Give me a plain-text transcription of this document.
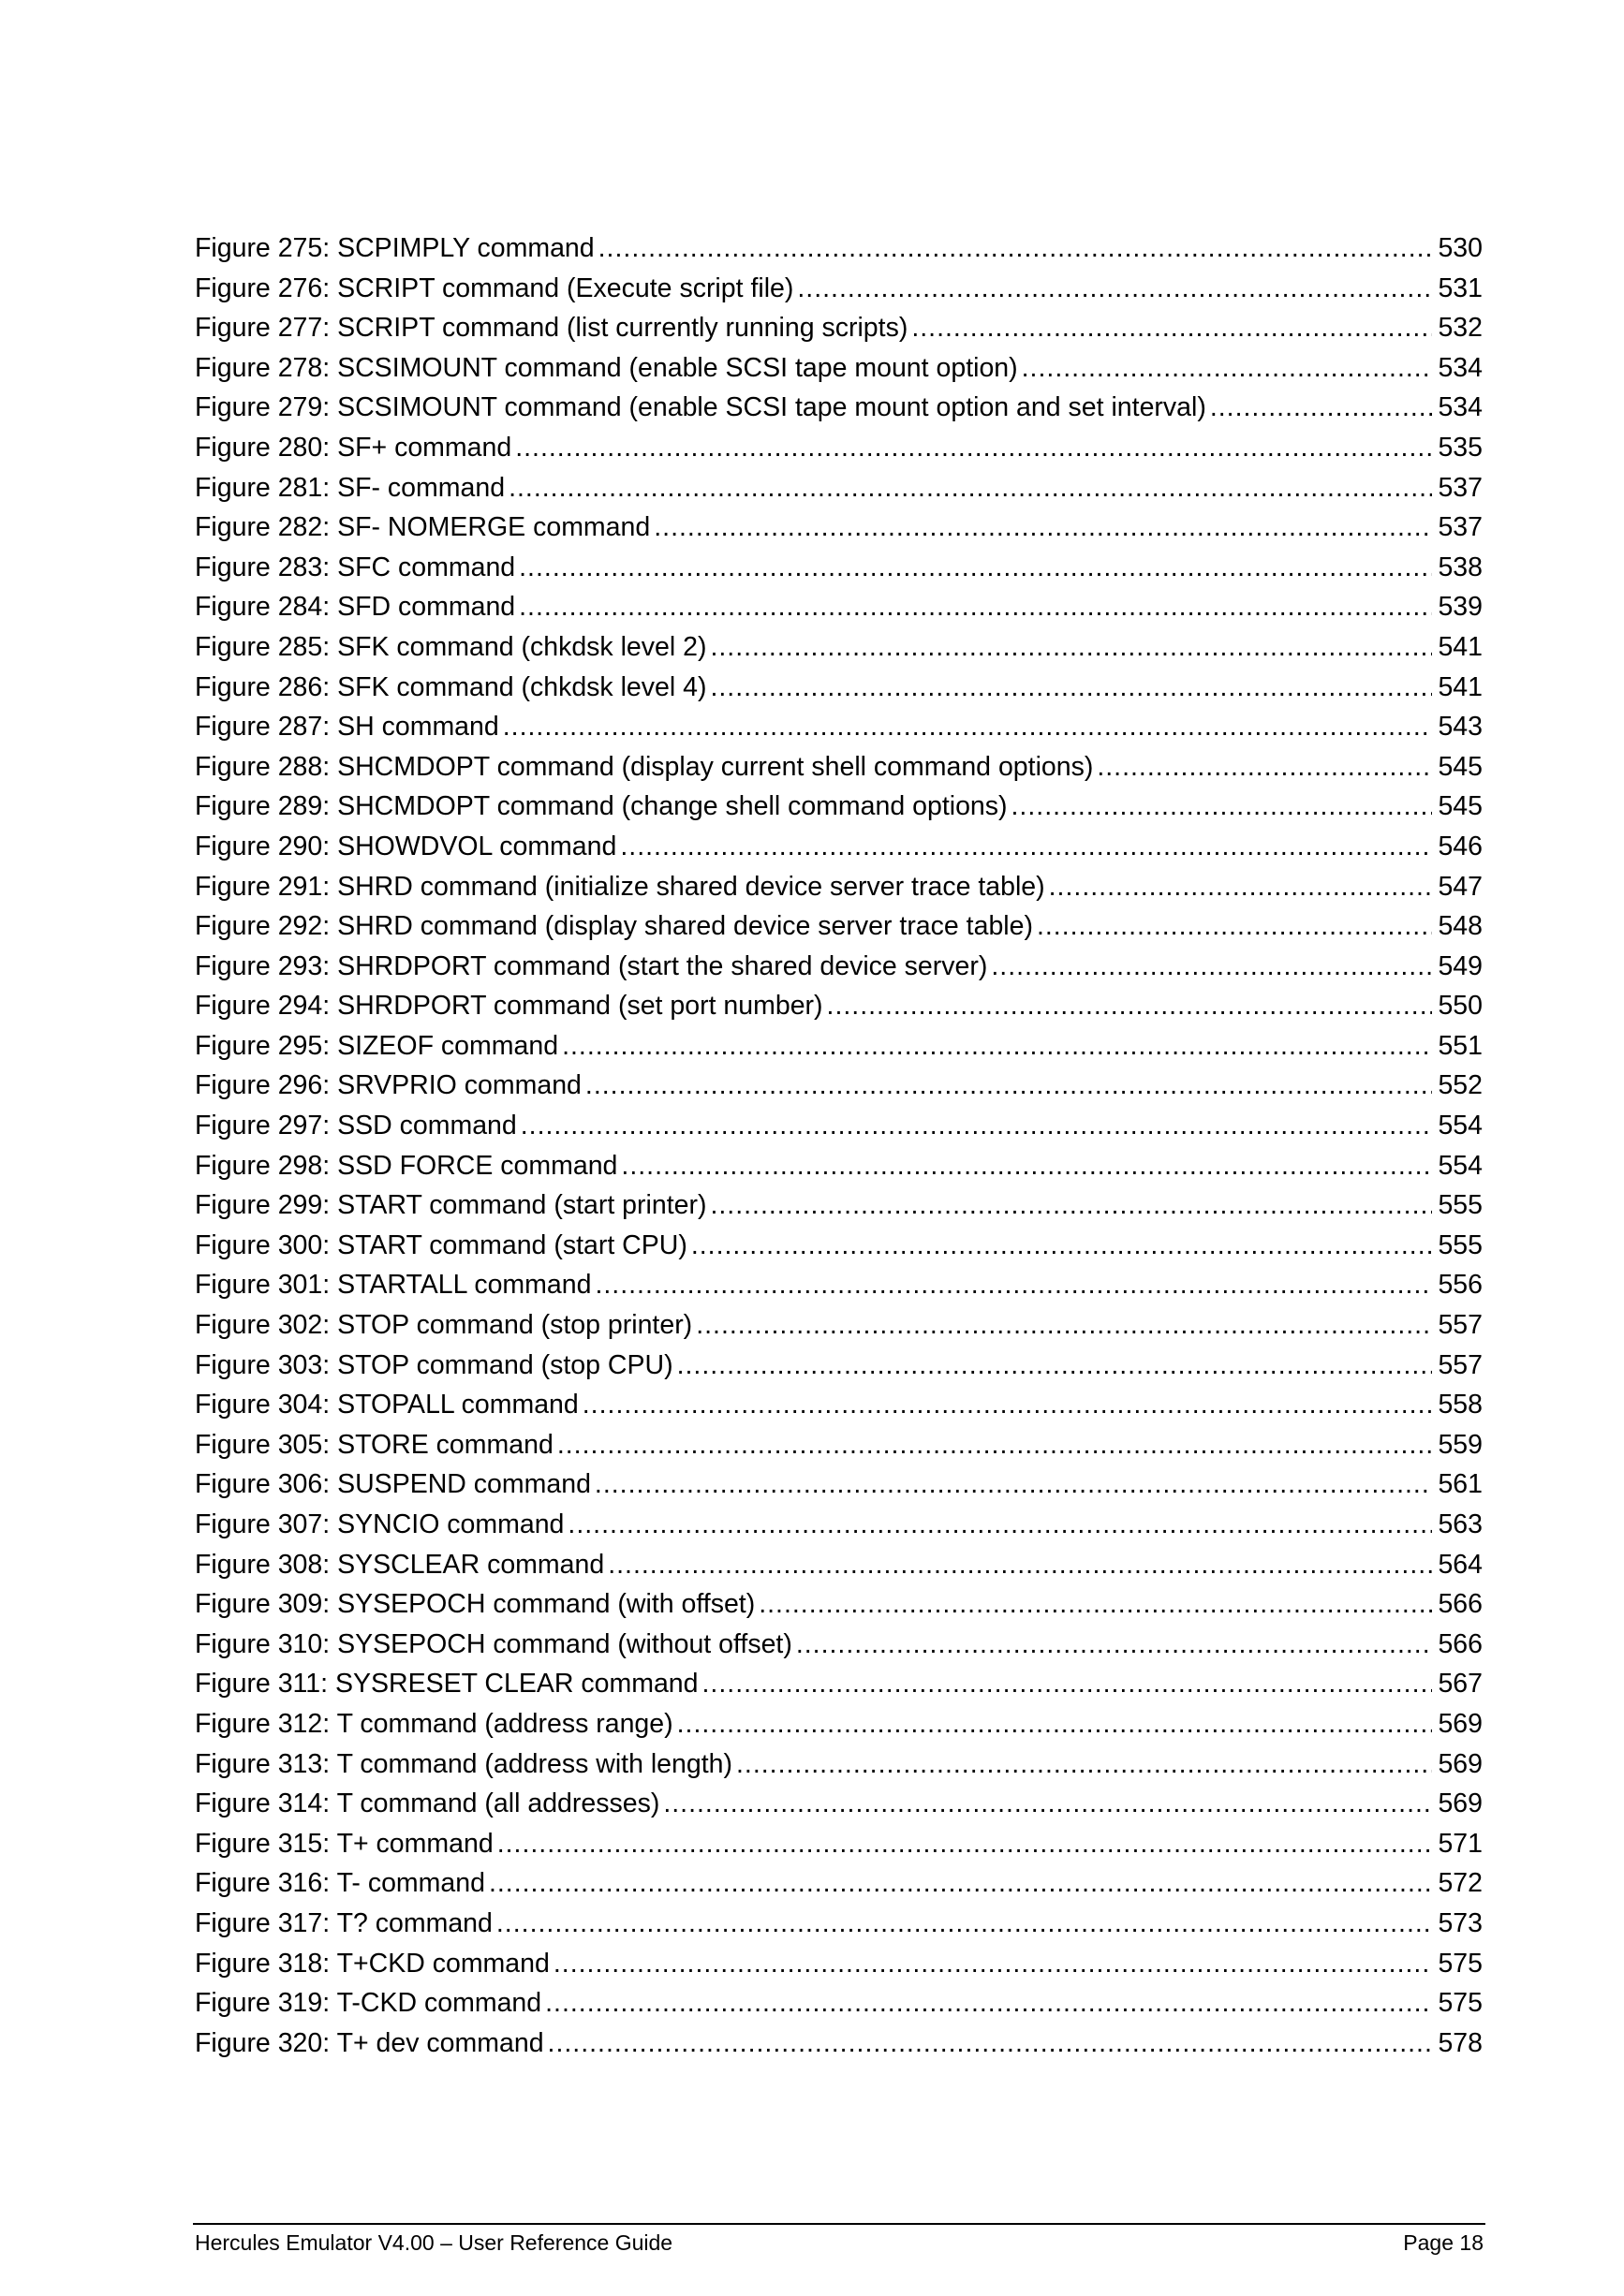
Figure 275: SCPIMPLY command .....	530
Figure 276: SCRIPT command (Execute script file) .....	531
Figure 277: SCRIPT command (list currently running scripts) .....	532
Figure 278: SCSIMOUNT command (enable SCSI tape mount option) .....	534
Figure 279: SCSIMOUNT command (enable SCSI tape mount option and set interval) .....	534
Figure 280: SF+ command .....	535
Figure 281: SF- command .....	537
Figure 282: SF- NOMERGE command .....	537
Figure 283: SFC command .....	538
Figure 284: SFD command .....	539
Figure 285: SFK command (chkdsk level 2) .....	541
Figure 286: SFK command (chkdsk level 4) .....	541
Figure 287: SH command .....	543
Figure 288: SHCMDOPT command (display current shell command options) .....	545
Figure 289: SHCMDOPT command (change shell command options) .....	545
Figure 290: SHOWDVOL command .....	546
Figure 291: SHRD command (initialize shared device server trace table) .....	547
Figure 292: SHRD command (display shared device server trace table) .....	548
Figure 293: SHRDPORT command (start the shared device server) .....	549
Figure 294: SHRDPORT command (set port number) .....	550
Figure 295: SIZEOF command .....	551
Figure 296: SRVPRIO command .....	552
Figure 297: SSD command .....	554
Figure 298: SSD FORCE command .....	554
Figure 299: START command (start printer) .....	555
Figure 300: START command (start CPU) .....	555
Figure 301: STARTALL command .....	556
Figure 302: STOP command (stop printer) .....	557
Figure 303: STOP command (stop CPU) .....	557
Figure 304: STOPALL command .....	558
Figure 305: STORE command .....	559
Figure 306: SUSPEND command .....	561
Figure 307: SYNCIO command .....	563
Figure 308: SYSCLEAR command .....	564
Figure 309: SYSEPOCH command (with offset) .....	566
Figure 310: SYSEPOCH command (without offset) .....	566
Figure 311: SYSRESET CLEAR command .....	567
Figure 312: T command (address range) .....	569
Figure 313: T command (address with length) .....	569
Figure 314: T command (all addresses) .....	569
Figure 315: T+ command .....	571
Figure 316: T- command .....	572
Figure 317: T? command .....	573
Figure 318: T+CKD command .....	575
Figure 319: T-CKD command .....	575
Figure 320: T+ dev command .....	578
Hercules Emulator V4.00 – User Reference Guide	Page 18
